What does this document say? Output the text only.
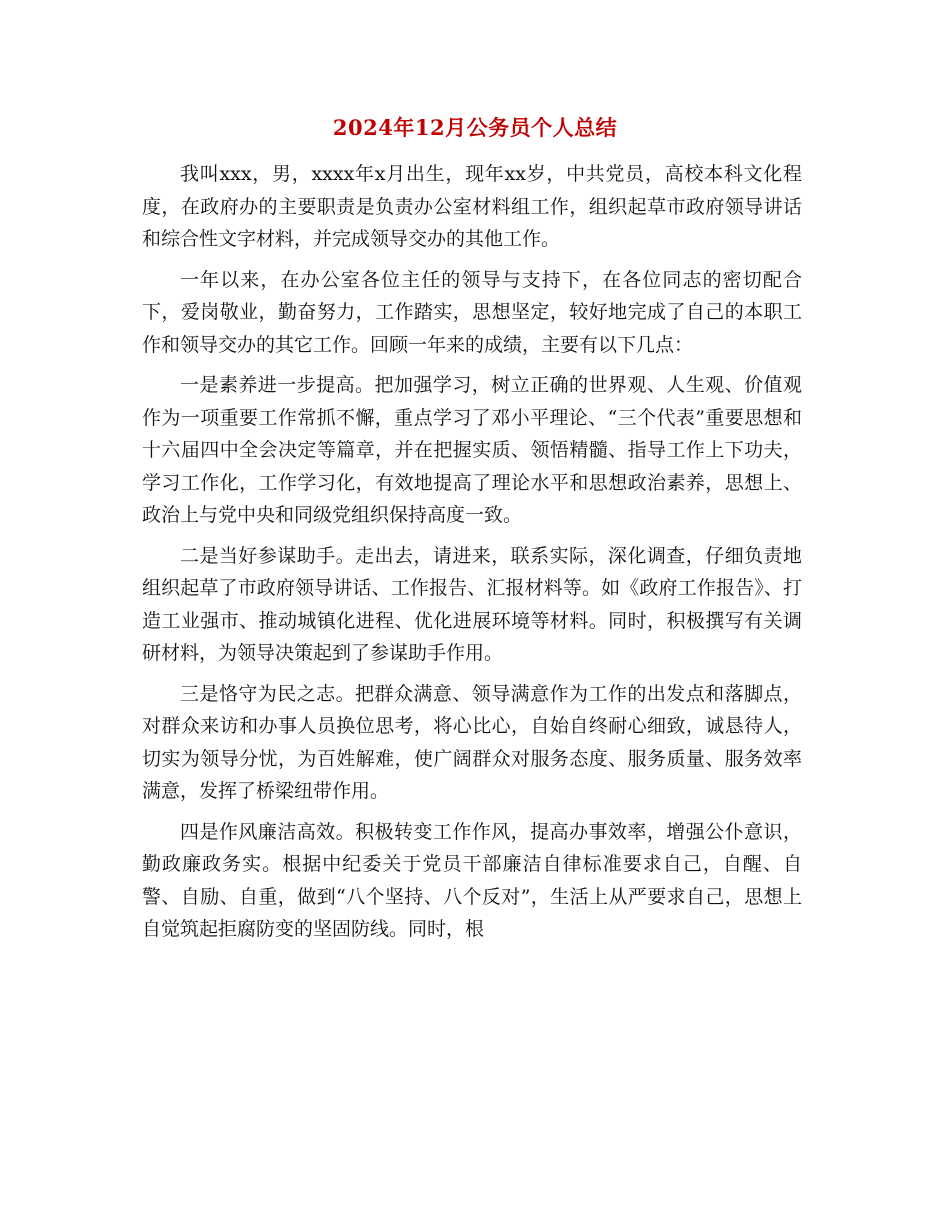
2024年12月公务员个人总结

我叫xxx，男，xxxx年x月出生，现年xx岁，中共党员，高校本科文化程度，在政府办的主要职责是负责办公室材料组工作，组织起草市政府领导讲话和综合性文字材料，并完成领导交办的其他工作。

一年以来，在办公室各位主任的领导与支持下，在各位同志的密切配合下，爱岗敬业，勤奋努力，工作踏实，思想坚定，较好地完成了自己的本职工作和领导交办的其它工作。回顾一年来的成绩，主要有以下几点：

一是素养进一步提高。把加强学习，树立正确的世界观、人生观、价值观作为一项重要工作常抓不懈，重点学习了邓小平理论、“三个代表”重要思想和十六届四中全会决定等篇章，并在把握实质、领悟精髓、指导工作上下功夫，学习工作化，工作学习化，有效地提高了理论水平和思想政治素养，思想上、政治上与党中央和同级党组织保持高度一致。

二是当好参谋助手。走出去，请进来，联系实际，深化调查，仔细负责地组织起草了市政府领导讲话、工作报告、汇报材料等。如《政府工作报告》、打造工业强市、推动城镇化进程、优化进展环境等材料。同时，积极撰写有关调研材料，为领导决策起到了参谋助手作用。

三是恪守为民之志。把群众满意、领导满意作为工作的出发点和落脚点，对群众来访和办事人员换位思考，将心比心，自始自终耐心细致，诚恳待人，切实为领导分忧，为百姓解难，使广阔群众对服务态度、服务质量、服务效率满意，发挥了桥梁纽带作用。

四是作风廉洁高效。积极转变工作作风，提高办事效率，增强公仆意识，勤政廉政务实。根据中纪委关于党员干部廉洁自律标准要求自己，自醒、自警、自励、自重，做到“八个坚持、八个反对”，生活上从严要求自己，思想上自觉筑起拒腐防变的坚固防线。同时，根
